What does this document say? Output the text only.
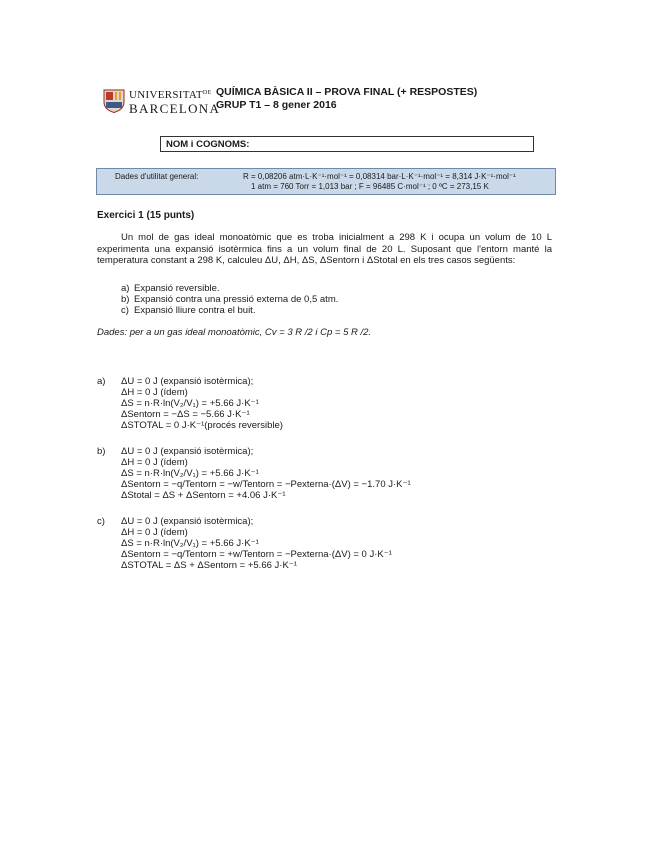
$UNIVERSITAT^{DE}$
BARCELONA
QUÍMICA BÀSICA II – PROVA FINAL (+ RESPOSTES)
GRUP T1 – 8 gener 2016
NOM i COGNOMS:
Dades d'utilitat general:	R = 0,08206 atm·L·K⁻¹·mol⁻¹ = 0,08314 bar·L·K⁻¹·mol⁻¹ = 8,314 J·K⁻¹·mol⁻¹
1 atm = 760 Torr = 1,013 bar ; F = 96485 C·mol⁻¹ ; 0 ºC = 273,15 K
Exercici 1 (15 punts)
Un mol de gas ideal monoatòmic que es troba inicialment a 298 K i ocupa un volum de 10 L experimenta una expansió isotèrmica fins a un volum final de 20 L. Suposant que l'entorn manté la temperatura constant a 298 K, calculeu ΔU, ΔH, ΔS, ΔSentorn i ΔStotal en els tres casos següents:
a) Expansió reversible.
b) Expansió contra una pressió externa de 0,5 atm.
c) Expansió lliure contra el buit.
Dades: per a un gas ideal monoatòmic, Cv = 3 R /2 i Cp = 5 R /2.
a) ΔU = 0 J (expansió isotèrmica);
ΔH = 0 J (ídem)
ΔS = n·R·ln(V₂/V₁) = +5.66 J·K⁻¹
ΔSentorn = −ΔS = −5.66 J·K⁻¹
ΔSTOTAL = 0 J·K⁻¹(procés reversible)
b) ΔU = 0 J (expansió isotèrmica);
ΔH = 0 J (ídem)
ΔS = n·R·ln(V₂/V₁) = +5.66 J·K⁻¹
ΔSentorn = −q/Tentorn = −w/Tentorn = −Pexterna·(ΔV) = −1.70 J·K⁻¹
ΔStotal = ΔS + ΔSentorn = +4.06 J·K⁻¹
c) ΔU = 0 J (expansió isotèrmica);
ΔH = 0 J (ídem)
ΔS = n·R·ln(V₂/V₁) = +5.66 J·K⁻¹
ΔSentorn = −q/Tentorn = +w/Tentorn = −Pexterna·(ΔV) = 0 J·K⁻¹
ΔSTOTAL = ΔS + ΔSentorn = +5.66 J·K⁻¹
